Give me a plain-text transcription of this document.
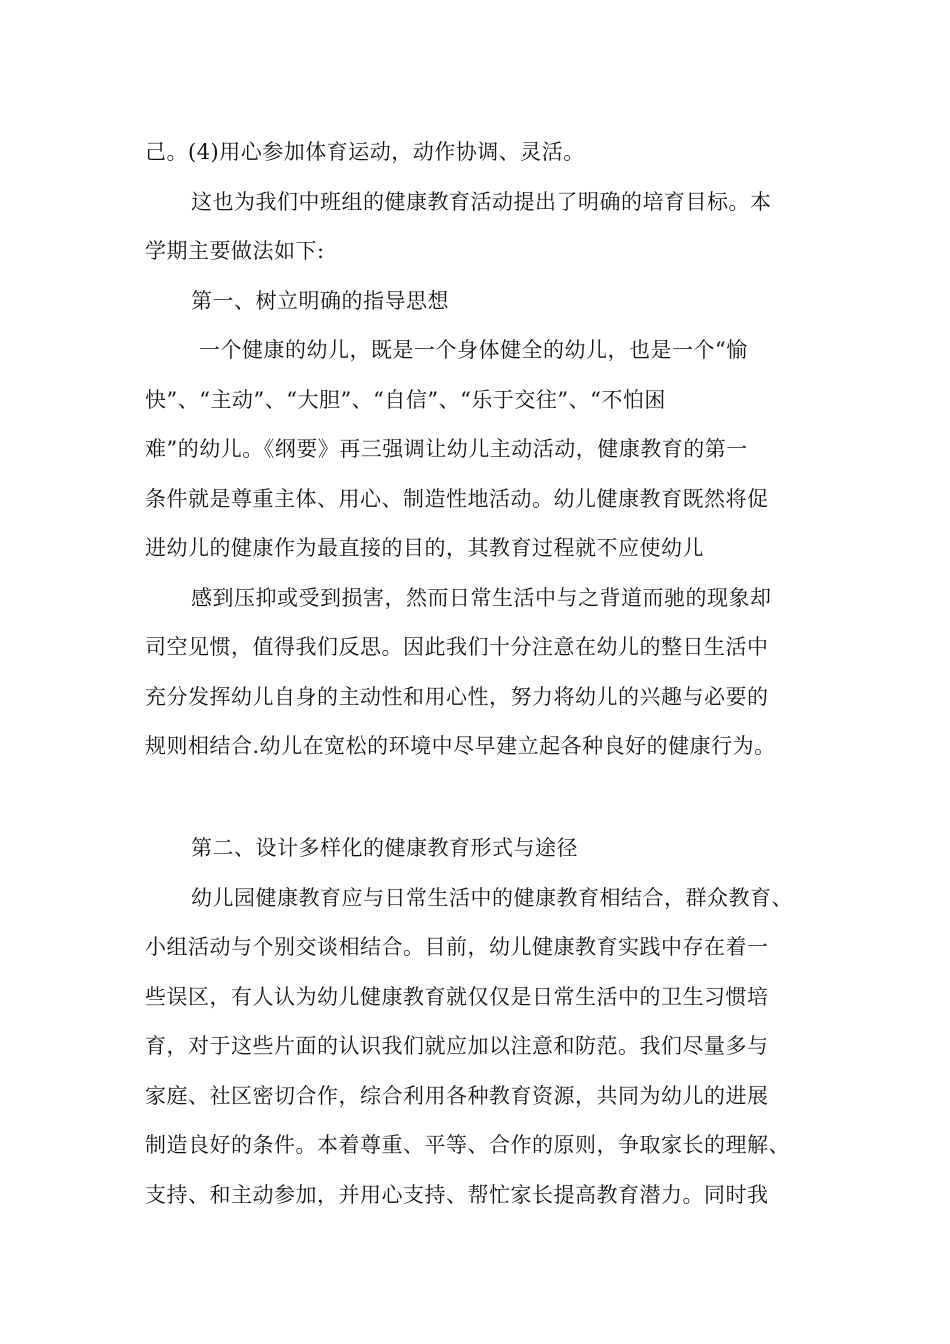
己。(4)用心参加体育运动，动作协调、灵活。
这也为我们中班组的健康教育活动提出了明确的培育目标。本
学期主要做法如下:
第一、树立明确的指导思想
一个健康的幼儿，既是一个身体健全的幼儿，也是一个“愉
快”、“主动”、“大胆”、“自信”、“乐于交往”、“不怕困
难”的幼儿。《纲要》再三强调让幼儿主动活动，健康教育的第一
条件就是尊重主体、用心、制造性地活动。幼儿健康教育既然将促
进幼儿的健康作为最直接的目的，其教育过程就不应使幼儿
感到压抑或受到损害，然而日常生活中与之背道而驰的现象却
司空见惯，值得我们反思。因此我们十分注意在幼儿的整日生活中
充分发挥幼儿自身的主动性和用心性，努力将幼儿的兴趣与必要的
规则相结合.幼儿在宽松的环境中尽早建立起各种良好的健康行为。
第二、设计多样化的健康教育形式与途径
幼儿园健康教育应与日常生活中的健康教育相结合，群众教育、
小组活动与个别交谈相结合。目前，幼儿健康教育实践中存在着一
些误区，有人认为幼儿健康教育就仅仅是日常生活中的卫生习惯培
育，对于这些片面的认识我们就应加以注意和防范。我们尽量多与
家庭、社区密切合作，综合利用各种教育资源，共同为幼儿的进展
制造良好的条件。本着尊重、平等、合作的原则，争取家长的理解、
支持、和主动参加，并用心支持、帮忙家长提高教育潜力。同时我
